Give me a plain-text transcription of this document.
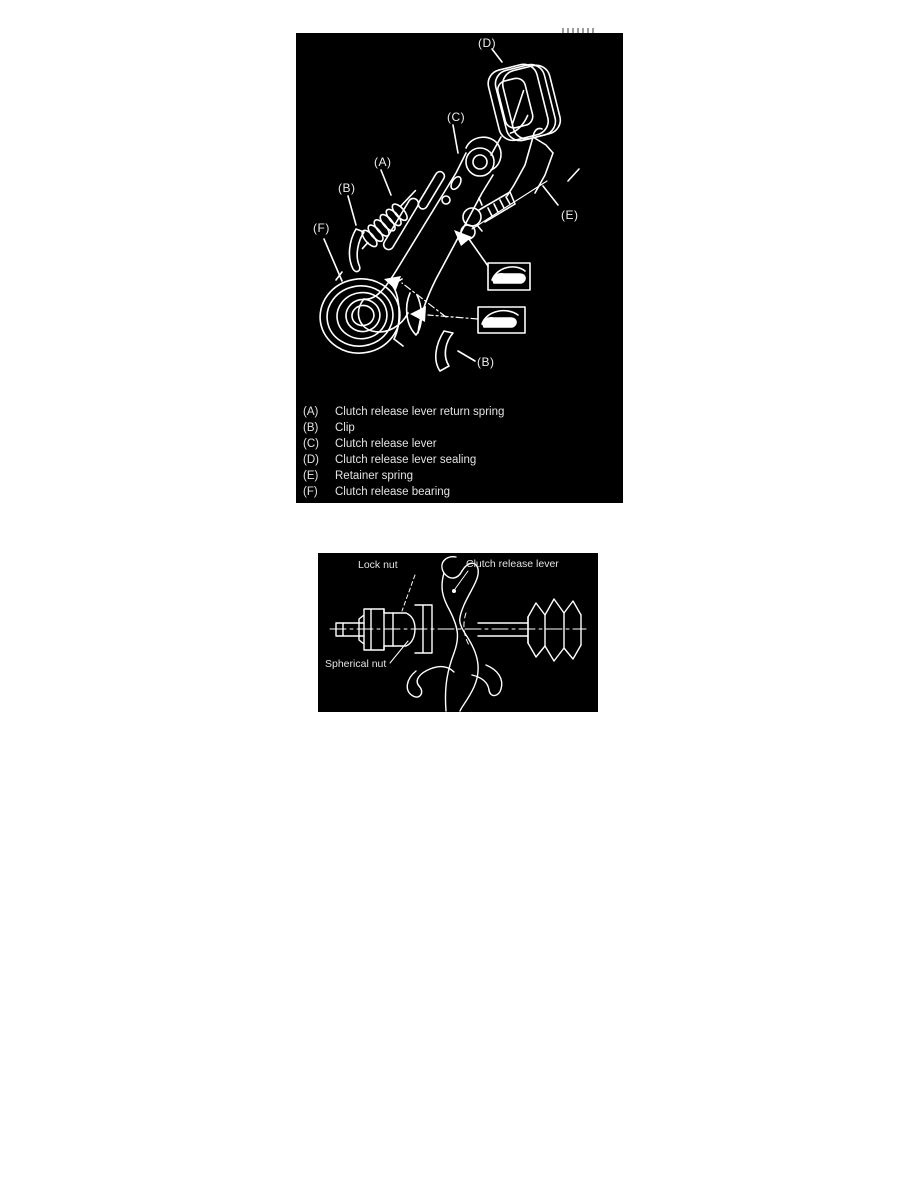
(D)
(C)
(A)
(B)
(E)
(F)
(B)
(A)	Clutch release lever return spring
(B)	Clip
(C)	Clutch release lever
(D)	Clutch release lever sealing
(E)	Retainer spring
(F)	Clutch release bearing
Lock nut	Clutch release lever
Spherical nut
